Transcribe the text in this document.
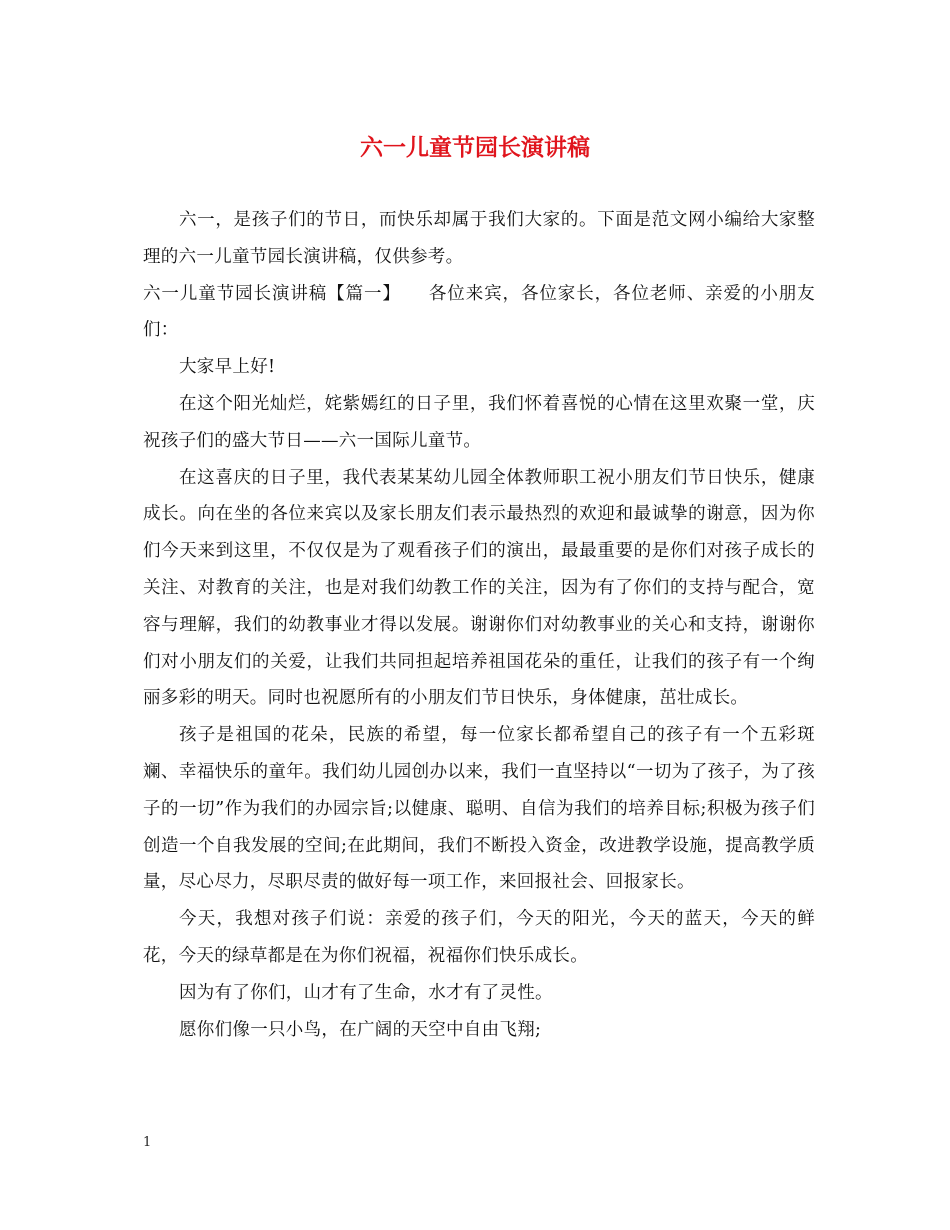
六一儿童节园长演讲稿

六一，是孩子们的节日，而快乐却属于我们大家的。下面是范文网小编给大家整理的六一儿童节园长演讲稿，仅供参考。

六一儿童节园长演讲稿【篇一】　　各位来宾，各位家长，各位老师、亲爱的小朋友们：

大家早上好!

在这个阳光灿烂，姹紫嫣红的日子里，我们怀着喜悦的心情在这里欢聚一堂，庆祝孩子们的盛大节日——六一国际儿童节。

在这喜庆的日子里，我代表某某幼儿园全体教师职工祝小朋友们节日快乐，健康成长。向在坐的各位来宾以及家长朋友们表示最热烈的欢迎和最诚挚的谢意，因为你们今天来到这里，不仅仅是为了观看孩子们的演出，最最重要的是你们对孩子成长的关注、对教育的关注，也是对我们幼教工作的关注，因为有了你们的支持与配合，宽容与理解，我们的幼教事业才得以发展。谢谢你们对幼教事业的关心和支持，谢谢你们对小朋友们的关爱，让我们共同担起培养祖国花朵的重任，让我们的孩子有一个绚丽多彩的明天。同时也祝愿所有的小朋友们节日快乐，身体健康，茁壮成长。

孩子是祖国的花朵，民族的希望，每一位家长都希望自己的孩子有一个五彩斑斓、幸福快乐的童年。我们幼儿园创办以来，我们一直坚持以“一切为了孩子，为了孩子的一切”作为我们的办园宗旨;以健康、聪明、自信为我们的培养目标;积极为孩子们创造一个自我发展的空间;在此期间，我们不断投入资金，改进教学设施，提高教学质量，尽心尽力，尽职尽责的做好每一项工作，来回报社会、回报家长。

今天，我想对孩子们说：亲爱的孩子们，今天的阳光，今天的蓝天，今天的鲜花，今天的绿草都是在为你们祝福，祝福你们快乐成长。

因为有了你们，山才有了生命，水才有了灵性。

愿你们像一只小鸟，在广阔的天空中自由飞翔;

1
